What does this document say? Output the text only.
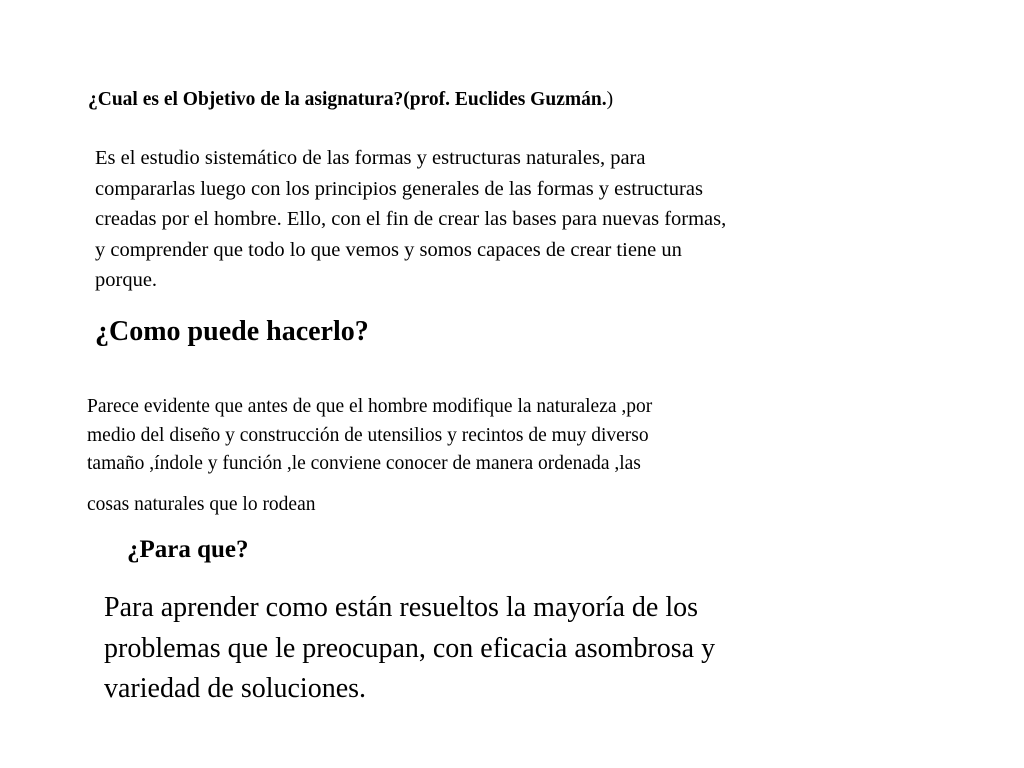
¿Cual es el Objetivo de la asignatura?(prof. Euclides Guzmán.)

Es el estudio sistemático de las formas y estructuras naturales, para
compararlas luego con los principios generales de las formas y estructuras
creadas por el hombre. Ello, con el fin de crear las bases para nuevas formas,
y comprender que todo lo que vemos y somos capaces de crear tiene un
porque.

¿Como puede hacerlo?

Parece evidente que antes de que el hombre modifique la naturaleza ,por
medio del diseño y construcción de utensilios y recintos de muy diverso
tamaño ,índole y función ,le conviene conocer de manera ordenada ,las
cosas naturales que lo rodean

¿Para que?

Para aprender como están resueltos la mayoría de los
problemas que le preocupan, con eficacia asombrosa y
variedad de soluciones.
